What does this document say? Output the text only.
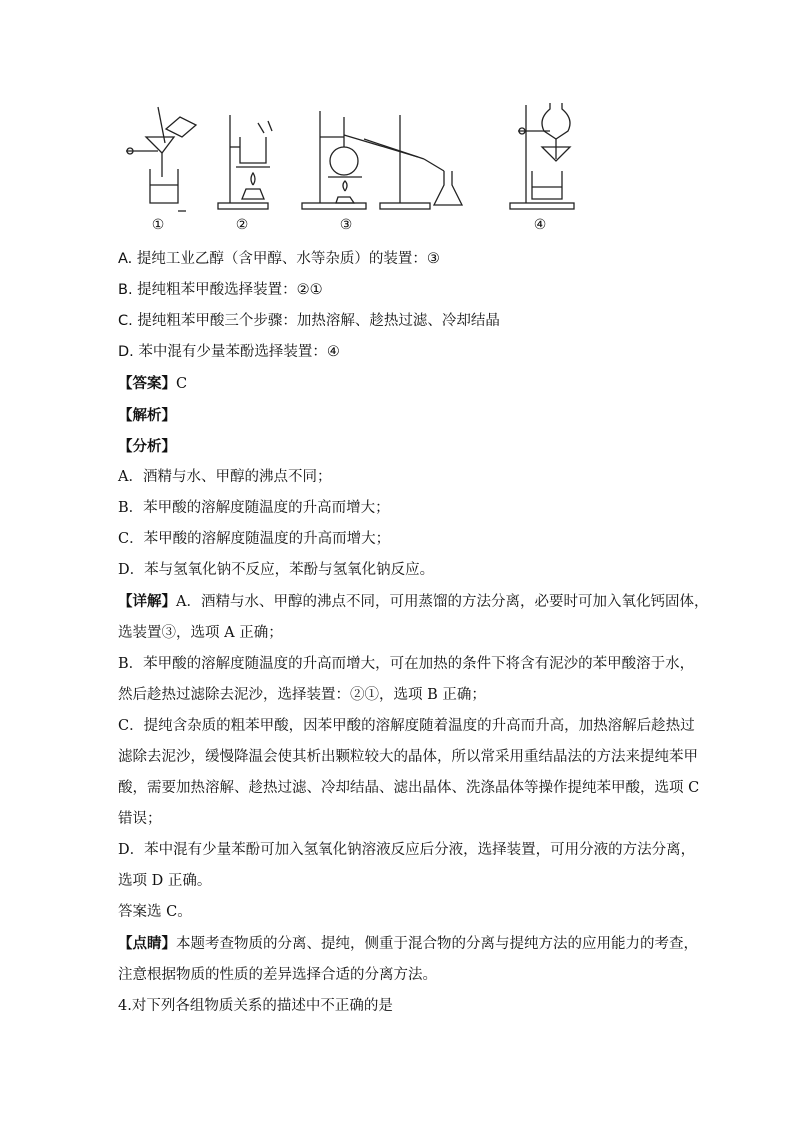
①	②	③	④
A. 提纯工业乙醇（含甲醇、水等杂质）的装置：③
B. 提纯粗苯甲酸选择装置：②①
C. 提纯粗苯甲酸三个步骤：加热溶解、趁热过滤、冷却结晶
D. 苯中混有少量苯酚选择装置：④
【答案】C
【解析】
【分析】
A．酒精与水、甲醇的沸点不同；
B．苯甲酸的溶解度随温度的升高而增大；
C．苯甲酸的溶解度随温度的升高而增大；
D．苯与氢氧化钠不反应，苯酚与氢氧化钠反应。
【详解】A．酒精与水、甲醇的沸点不同，可用蒸馏的方法分离，必要时可加入氧化钙固体，
选装置③，选项 A 正确；
B．苯甲酸的溶解度随温度的升高而增大，可在加热的条件下将含有泥沙的苯甲酸溶于水，
然后趁热过滤除去泥沙，选择装置：②①，选项 B 正确；
C．提纯含杂质的粗苯甲酸，因苯甲酸的溶解度随着温度的升高而升高，加热溶解后趁热过
滤除去泥沙，缓慢降温会使其析出颗粒较大的晶体，所以常采用重结晶法的方法来提纯苯甲
酸，需要加热溶解、趁热过滤、冷却结晶、滤出晶体、洗涤晶体等操作提纯苯甲酸，选项 C
错误；
D．苯中混有少量苯酚可加入氢氧化钠溶液反应后分液，选择装置，可用分液的方法分离，
选项 D 正确。
答案选 C。
【点睛】本题考查物质的分离、提纯，侧重于混合物的分离与提纯方法的应用能力的考查，
注意根据物质的性质的差异选择合适的分离方法。
4.对下列各组物质关系的描述中不正确的是
